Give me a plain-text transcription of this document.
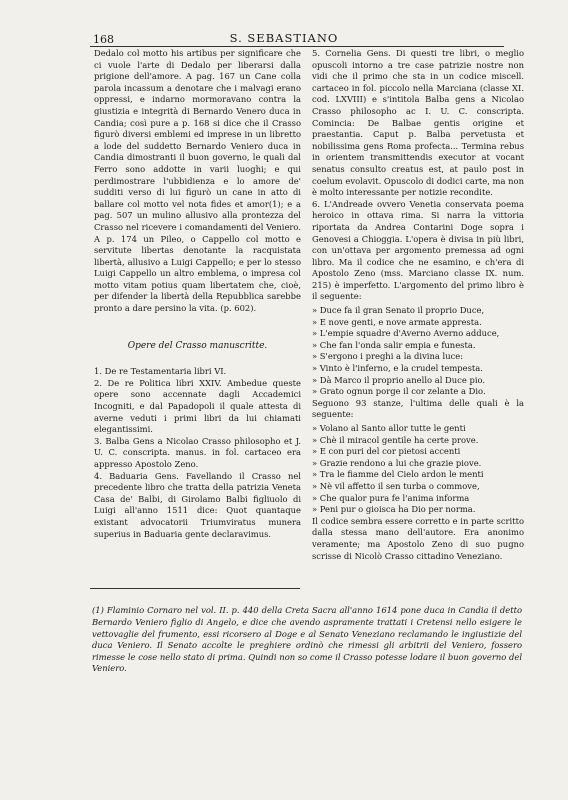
168	S. SEBASTIANO

Dedalo col motto his artibus per significare che ci vuole l'arte di Dedalo per liberarsi dalla prigione dell'amore. A pag. 167 un Cane colla parola incassum a denotare che i malvagi erano oppressi, e indarno mormoravano contra la giustizia e integrità di Bernardo Venero duca in Candia; così pure a p. 168 si dice che il Crasso figurò diversi emblemi ed imprese in un libretto a lode del suddetto Bernardo Veniero duca in Candia dimostranti il buon governo, le quali dal Ferro sono addotte in varii luoghi; e qui perdimostrare l'ubbidienza e lo amore de' sudditi verso di lui figurò un cane in atto di ballare col motto vel nota fides et amor(1); e a pag. 507 un mulino allusivo alla prontezza del Crasso nel ricevere i comandamenti del Veniero. A p. 174 un Pileo, o Cappello col motto e servitute libertas denotante la racquistata libertà, allusivo a Luigi Cappello; e per lo stesso Luigi Cappello un altro emblema, o impresa col motto vitam potius quam libertatem che, cioè, per difender la libertà della Repubblica sarebbe pronto a dare persino la vita. (p. 602).

Opere del Crasso manuscritte.

1. De re Testamentaria libri VI.

2. De re Politica libri XXIV. Ambedue queste opere sono accennate dagli Accademici Incogniti, e dal Papadopoli il quale attesta di averne veduti i primi libri da lui chiamati elegantissimi.

3. Balba Gens a Nicolao Crasso philosopho et J. U. C. conscripta. manus. in fol. cartaceo era appresso Apostolo Zeno.

4. Baduaria Gens. Favellando il Crasso nel precedente libro che tratta della patrizia Veneta Casa de' Balbi, di Girolamo Balbi figliuolo di Luigi all'anno 1511 dice: Quot quantaque existant advocatorii Triumviratus munera superius in Baduaria gente declaravimus.

5. Cornelia Gens. Di questi tre libri, o meglio opuscoli intorno a tre case patrizie nostre non vidi che il primo che sta in un codice miscell. cartaceo in fol. piccolo nella Marciana (classe XI. cod. LXVIII) e s'intitola Balba gens a Nicolao Crasso philosopho ac I. U. C. conscripta. Comincia: De Balbae gentis origine et praestantia. Caput p. Balba pervetusta et nobilissima gens Roma profecta... Termina rebus in orientem transmittendis executor at vocant senatus consulto creatus est, at paulo post in coelum evolavit. Opuscolo di dodici carte, ma non è molto interessante per notizie recondite.

6. L'Andreade ovvero Venetia conservata poema heroico in ottava rima. Si narra la vittoria riportata da Andrea Contarini Doge sopra i Genovesi a Chioggia. L'opera è divisa in più libri, con un'ottava per argomento premessa ad ogni libro. Ma il codice che ne esamino, e ch'era di Apostolo Zeno (mss. Marciano classe IX. num. 215) è imperfetto. L'argomento del primo libro è il seguente:

» Duce fa il gran Senato il proprio Duce,

» E nove genti, e nove armate appresta.

» L'empie squadre d'Averno Averno adduce,

» Che fan l'onda salir empia e funesta.

» S'ergono i preghi a la divina luce:

» Vinto è l'inferno, e la crudel tempesta.

» Dà Marco il proprio anello al Duce pio.

» Grato ognun porge il cor zelante a Dio.

Seguono 93 stanze, l'ultima delle quali è la seguente:

» Volano al Santo allor tutte le genti

» Chè il miracol gentile ha certe prove.

» E con puri del cor pietosi accenti

» Grazie rendono a lui che grazie piove.

» Tra le fiamme del Cielo ardon le menti

» Nè vil affetto il sen turba o commove,

» Che qualor pura fe l'anima informa

» Peni pur o gioisca ha Dio per norma.

Il codice sembra essere corretto e in parte scritto dalla stessa mano dell'autore. Era anonimo veramente; ma Apostolo Zeno di suo pugno scrisse di Nicolò Crasso cittadino Veneziano.

(1) Flaminio Cornaro nel vol. II. p. 440 della Creta Sacra all'anno 1614 pone duca in Candia il detto Bernardo Veniero figlio di Angelo, e dice che avendo aspramente trattati i Cretensi nello esigere le vettovaglie del frumento, essi ricorsero al Doge e al Senato Veneziano reclamando le ingiustizie del duca Veniero. Il Senato accolte le preghiere ordinò che rimessi gli arbitrii del Veniero, fossero rimesse le cose nello stato di prima. Quindi non so come il Crasso potesse lodare il buon governo del Veniero.
